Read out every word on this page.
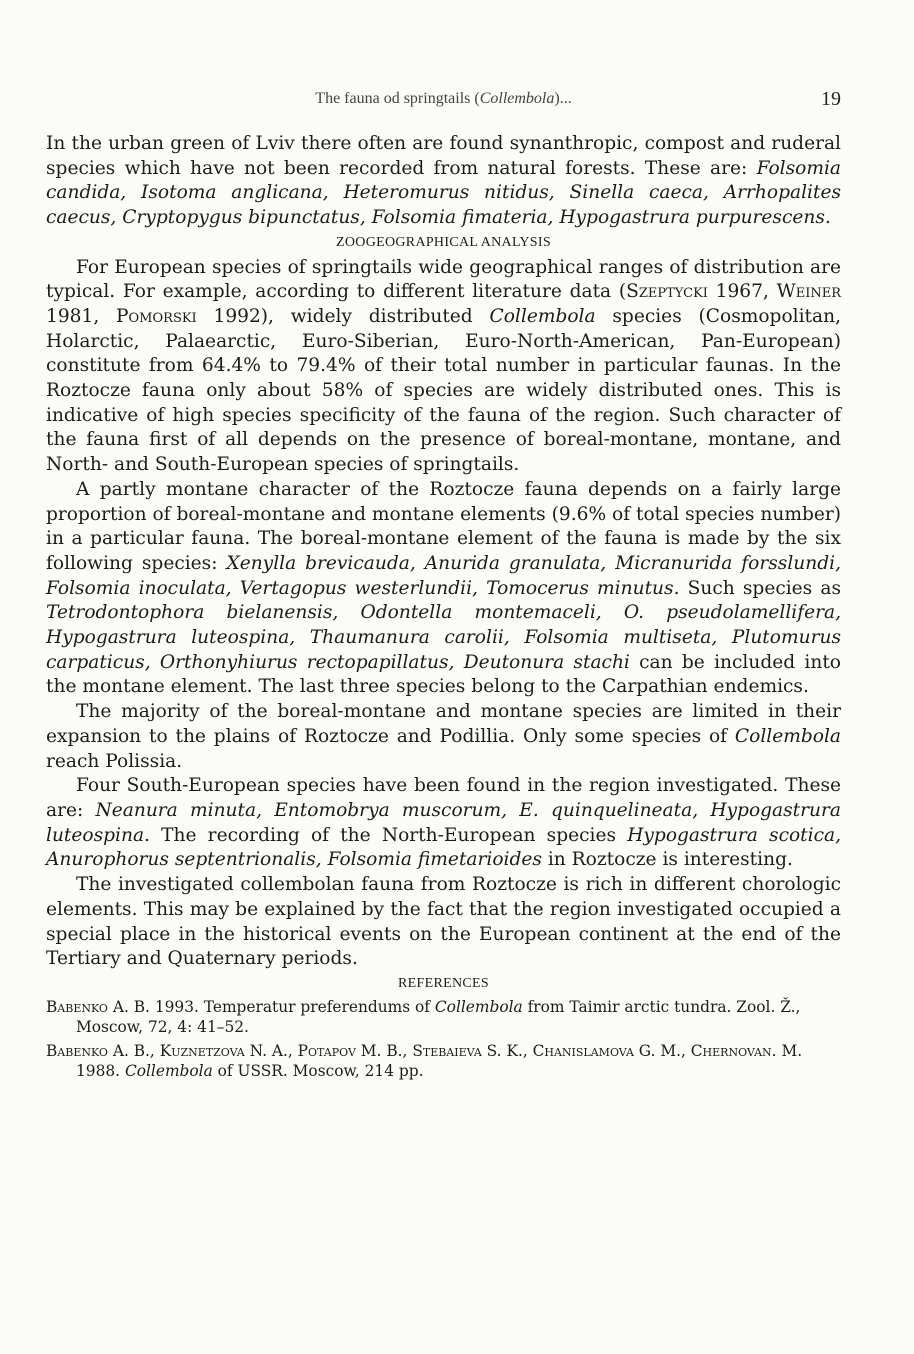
The fauna od springtails (Collembola)...	19

In the urban green of Lviv there often are found synanthropic, compost and ruderal species which have not been recorded from natural forests. These are: Folsomia candida, Isotoma anglicana, Heteromurus nitidus, Sinella caeca, Arrhopalites caecus, Cryptopygus bipunctatus, Folsomia fimateria, Hypogastrura purpurescens.

ZOOGEOGRAPHICAL ANALYSIS

For European species of springtails wide geographical ranges of distribution are typical. For example, according to different literature data (Szeptycki 1967, Weiner 1981, Pomorski 1992), widely distributed Collembola species (Cosmopolitan, Holarctic, Palaearctic, Euro-Siberian, Euro-North-American, Pan-European) constitute from 64.4% to 79.4% of their total number in particular faunas. In the Roztocze fauna only about 58% of species are widely distributed ones. This is indicative of high species specificity of the fauna of the region. Such character of the fauna first of all depends on the presence of boreal-montane, montane, and North- and South-European species of springtails.

A partly montane character of the Roztocze fauna depends on a fairly large proportion of boreal-montane and montane elements (9.6% of total species number) in a particular fauna. The boreal-montane element of the fauna is made by the six following species: Xenylla brevicauda, Anurida granulata, Micranurida forsslundi, Folsomia inoculata, Vertagopus westerlundii, Tomocerus minutus. Such species as Tetrodontophora bielanensis, Odontella montemaceli, O. pseudolamellifera, Hypogastrura luteospina, Thaumanura carolii, Folsomia multiseta, Plutomurus carpaticus, Orthonyhiurus rectopapillatus, Deutonura stachi can be included into the montane element. The last three species belong to the Carpathian endemics.

The majority of the boreal-montane and montane species are limited in their expansion to the plains of Roztocze and Podillia. Only some species of Collembola reach Polissia.

Four South-European species have been found in the region investigated. These are: Neanura minuta, Entomobrya muscorum, E. quinquelineata, Hypogastrura luteospina. The recording of the North-European species Hypogastrura scotica, Anurophorus septentrionalis, Folsomia fimetarioides in Roztocze is interesting.

The investigated collembolan fauna from Roztocze is rich in different chorologic elements. This may be explained by the fact that the region investigated occupied a special place in the historical events on the European continent at the end of the Tertiary and Quaternary periods.

REFERENCES

Babenko A. B. 1993. Temperatur preferendums of Collembola from Taimir arctic tundra. Zool. Ž., Moscow, 72, 4: 41–52.

Babenko A. B., Kuznetzova N. A., Potapov M. B., Stebaieva S. K., Chanislamova G. M., Chernovan. M. 1988. Collembola of USSR. Moscow, 214 pp.
